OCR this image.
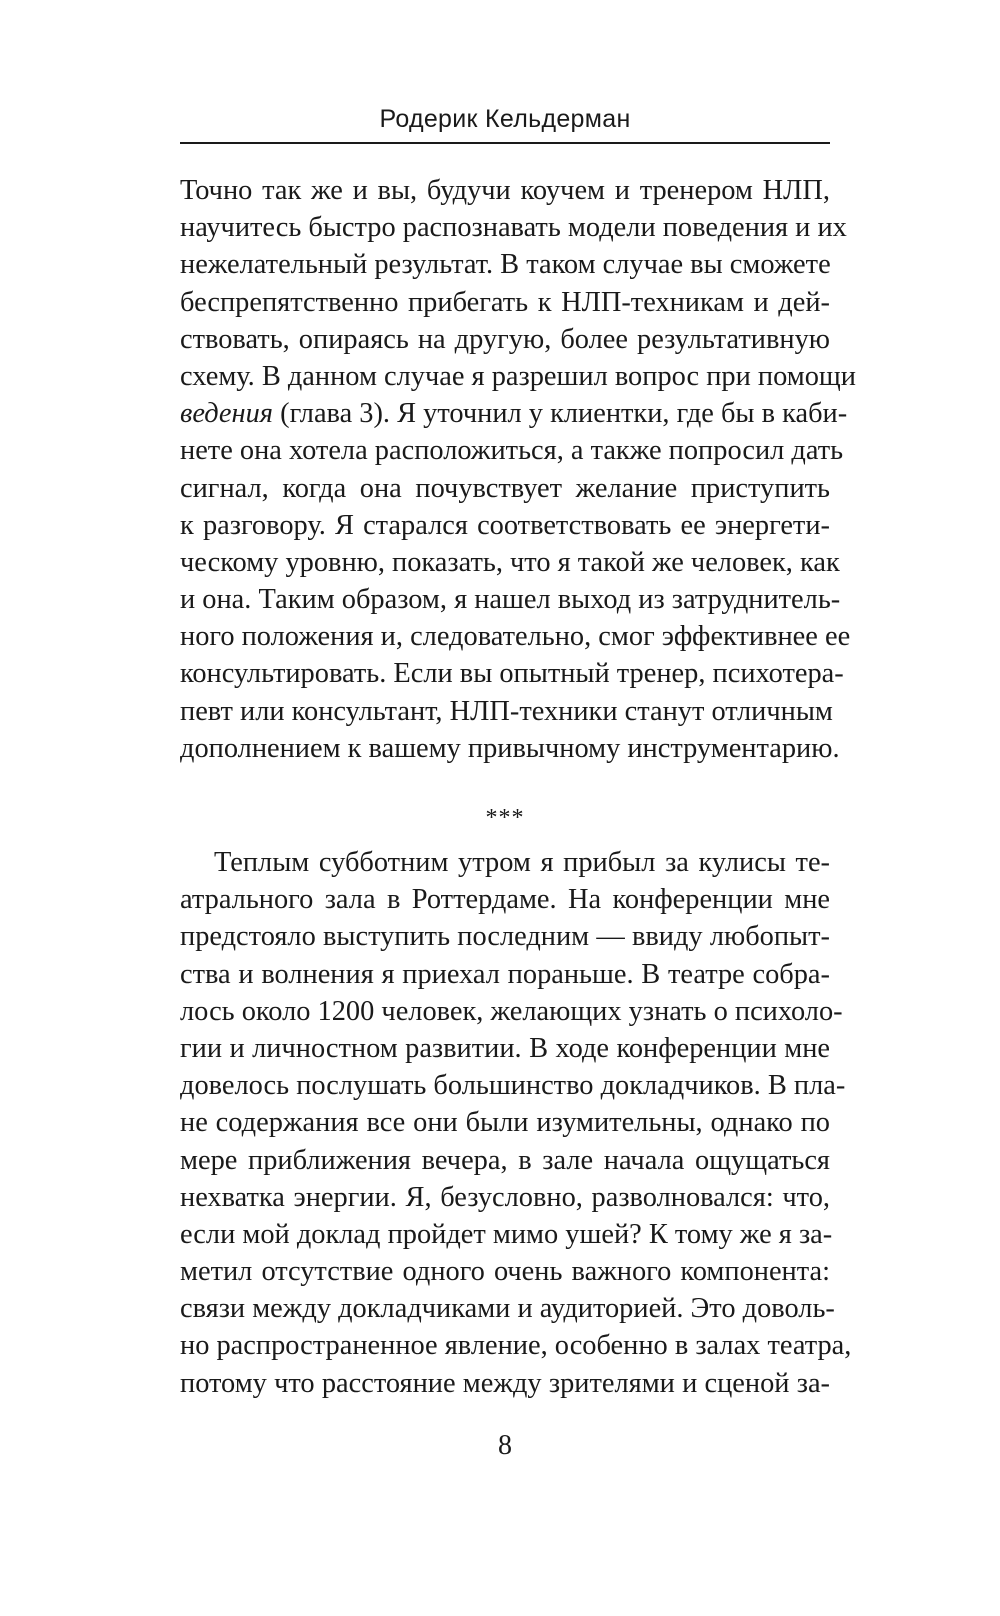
Родерик Кельдерман
Точно так же и вы, будучи коучем и тренером НЛП,
научитесь быстро распознавать модели поведения и их
нежелательный результат. В таком случае вы сможете
беспрепятственно прибегать к НЛП-техникам и дей-
ствовать, опираясь на другую, более результативную
схему. В данном случае я разрешил вопрос при помощи
ведения (глава 3). Я уточнил у клиентки, где бы в каби-
нете она хотела расположиться, а также попросил дать
сигнал, когда она почувствует желание приступить
к разговору. Я старался соответствовать ее энергети-
ческому уровню, показать, что я такой же человек, как
и она. Таким образом, я нашел выход из затруднитель-
ного положения и, следовательно, смог эффективнее ее
консультировать. Если вы опытный тренер, психотера-
певт или консультант, НЛП-техники станут отличным
дополнением к вашему привычному инструментарию.
***
Теплым субботним утром я прибыл за кулисы те-
атрального зала в Роттердаме. На конференции мне
предстояло выступить последним — ввиду любопыт-
ства и волнения я приехал пораньше. В театре собра-
лось около 1200 человек, желающих узнать о психоло-
гии и личностном развитии. В ходе конференции мне
довелось послушать большинство докладчиков. В пла-
не содержания все они были изумительны, однако по
мере приближения вечера, в зале начала ощущаться
нехватка энергии. Я, безусловно, разволновался: что,
если мой доклад пройдет мимо ушей? К тому же я за-
метил отсутствие одного очень важного компонента:
связи между докладчиками и аудиторией. Это доволь-
но распространенное явление, особенно в залах театра,
потому что расстояние между зрителями и сценой за-
8
